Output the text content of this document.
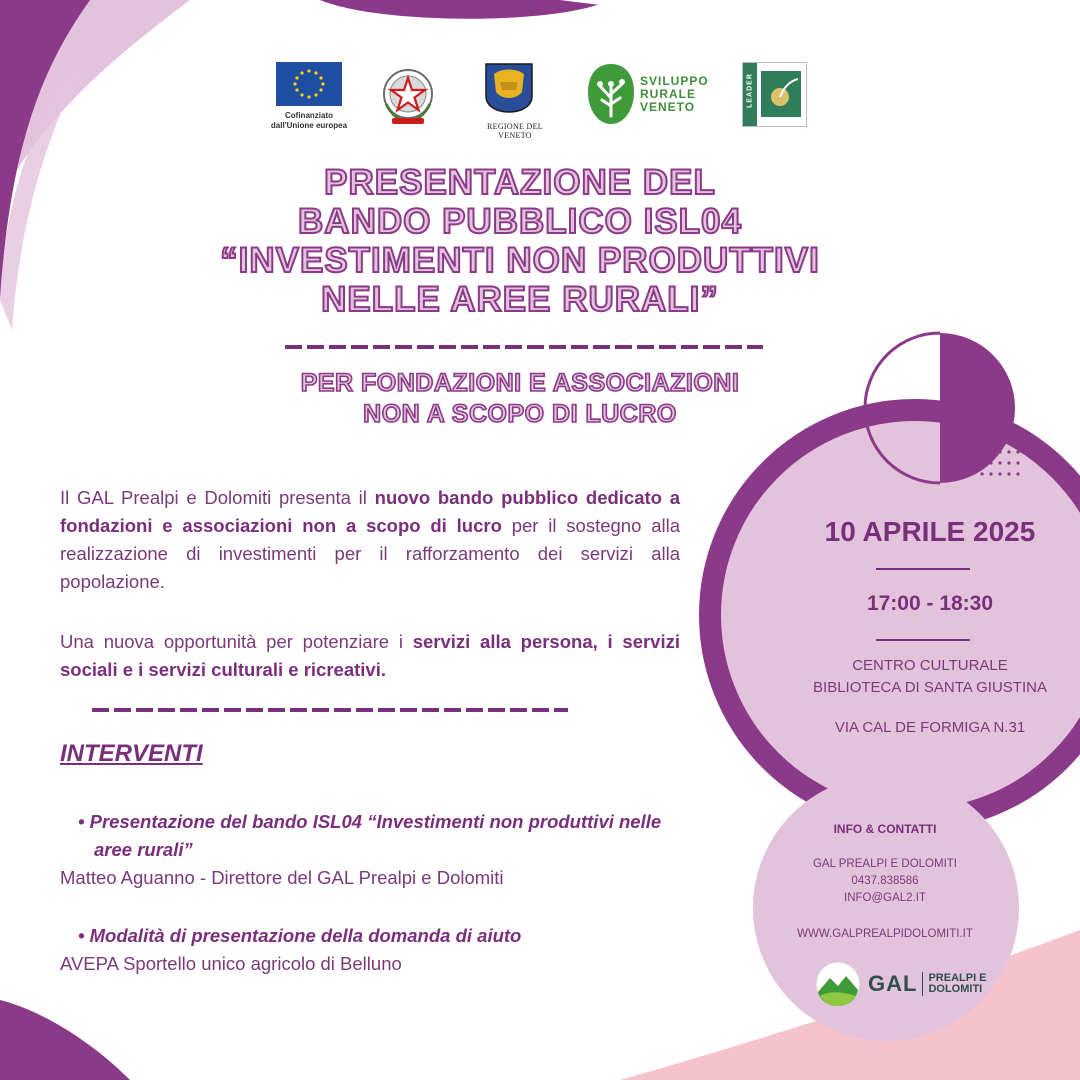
Cofinanziato
dall'Unione europea	REGIONE DEL VENETO
SVILUPPO
RURALE
VENETO	LEADER
PRESENTAZIONE DEL
BANDO PUBBLICO ISL04
“INVESTIMENTI NON PRODUTTIVI
NELLE AREE RURALI”
PER FONDAZIONI E ASSOCIAZIONI
NON A SCOPO DI LUCRO
Il GAL Prealpi e Dolomiti presenta il nuovo bando pubblico dedicato a fondazioni e associazioni non a scopo di lucro per il sostegno alla realizzazione di investimenti per il rafforzamento dei servizi alla popolazione.
Una nuova opportunità per potenziare i servizi alla persona, i servizi sociali e i servizi culturali e ricreativi.
INTERVENTI
• Presentazione del bando ISL04 “Investimenti non produttivi nelle aree rurali”
Matteo Aguanno - Direttore del GAL Prealpi e Dolomiti
• Modalità di presentazione della domanda di aiuto
AVEPA Sportello unico agricolo di Belluno
10 APRILE 2025
17:00 - 18:30
CENTRO CULTURALE
BIBLIOTECA DI SANTA GIUSTINA
VIA CAL DE FORMIGA N.31
INFO & CONTATTI
GAL PREALPI E DOLOMITI
0437.838586
INFO@GAL2.IT
WWW.GALPREALPIDOLOMITI.IT
GAL PREALPI E
DOLOMITI
